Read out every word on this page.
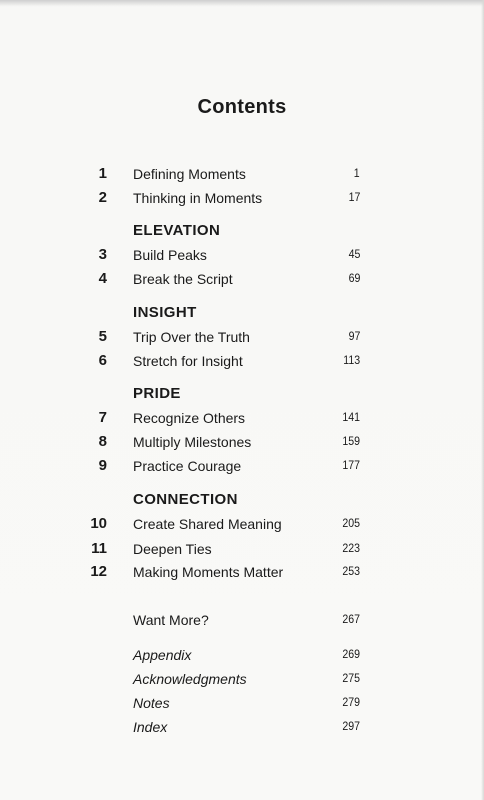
Contents
1 Defining Moments	1
2 Thinking in Moments	17
ELEVATION
3 Build Peaks	45
4 Break the Script	69
INSIGHT
5 Trip Over the Truth	97
6 Stretch for Insight	113
PRIDE
7 Recognize Others	141
8 Multiply Milestones	159
9 Practice Courage	177
CONNECTION
10 Create Shared Meaning	205
11 Deepen Ties	223
12 Making Moments Matter	253
Want More?	267
Appendix	269
Acknowledgments	275
Notes	279
Index	297
